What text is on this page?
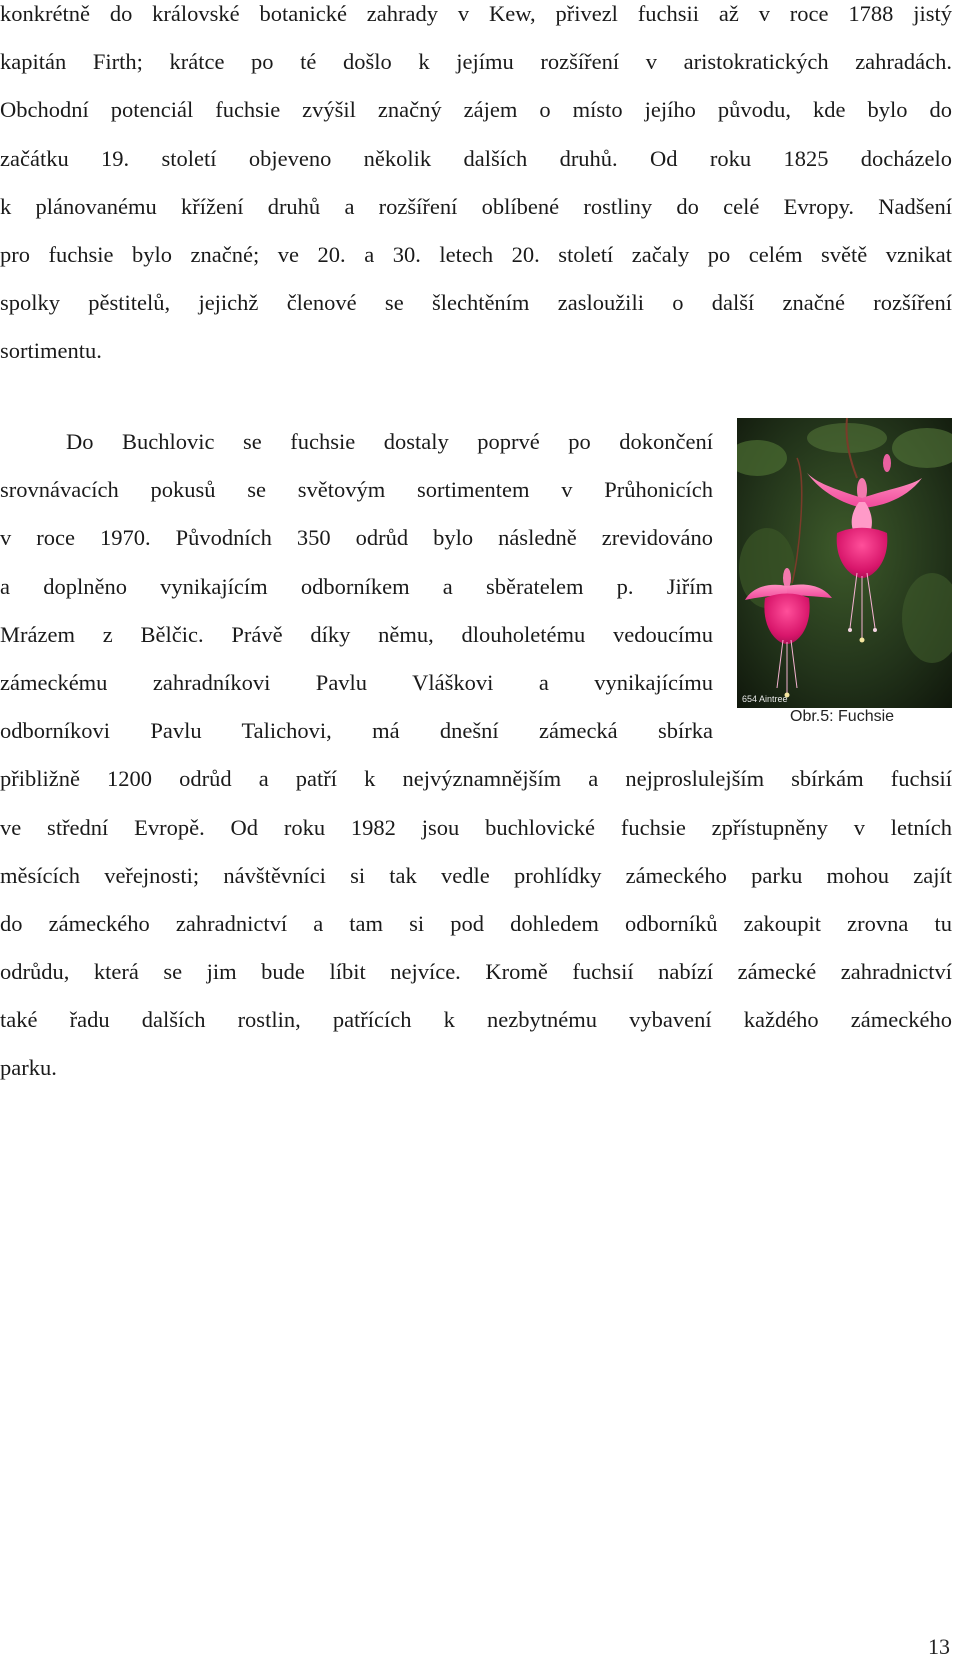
konkrétně do královské botanické zahrady v Kew, přivezl fuchsii až v roce 1788 jistý
kapitán Firth; krátce po té došlo k jejímu rozšíření v aristokratických zahradách.
Obchodní potenciál fuchsie zvýšil značný zájem o místo jejího původu, kde bylo do
začátku 19. století objeveno několik dalších druhů. Od roku 1825 docházelo
k plánovanému křížení druhů a rozšíření oblíbené rostliny do celé Evropy. Nadšení
pro fuchsie bylo značné; ve 20. a 30. letech 20. století začaly po celém světě vznikat
spolky pěstitelů, jejichž členové se šlechtěním zasloužili o další značné rozšíření
sortimentu.
Do Buchlovic se fuchsie dostaly poprvé po dokončení
srovnávacích pokusů se světovým sortimentem v Průhonicích
v roce 1970. Původních 350 odrůd bylo následně zrevidováno
a doplněno vynikajícím odborníkem a sběratelem p. Jiřím
Mrázem z Bělčic. Právě díky němu, dlouholetému vedoucímu
zámeckému zahradníkovi Pavlu Vláškovi a vynikajícímu
odborníkovi Pavlu Talichovi, má dnešní zámecká sbírka
přibližně 1200 odrůd a patří k nejvýznamnějším a nejproslulejším sbírkám fuchsií
ve střední Evropě. Od roku 1982 jsou buchlovické fuchsie zpřístupněny v letních
měsících veřejnosti; návštěvníci si tak vedle prohlídky zámeckého parku mohou zajít
do zámeckého zahradnictví a tam si pod dohledem odborníků zakoupit zrovna tu
odrůdu, která se jim bude líbit nejvíce. Kromě fuchsií nabízí zámecké zahradnictví
také řadu dalších rostlin, patřících k nezbytnému vybavení každého zámeckého
parku.
654 Aintree
Obr.5: Fuchsie
13
